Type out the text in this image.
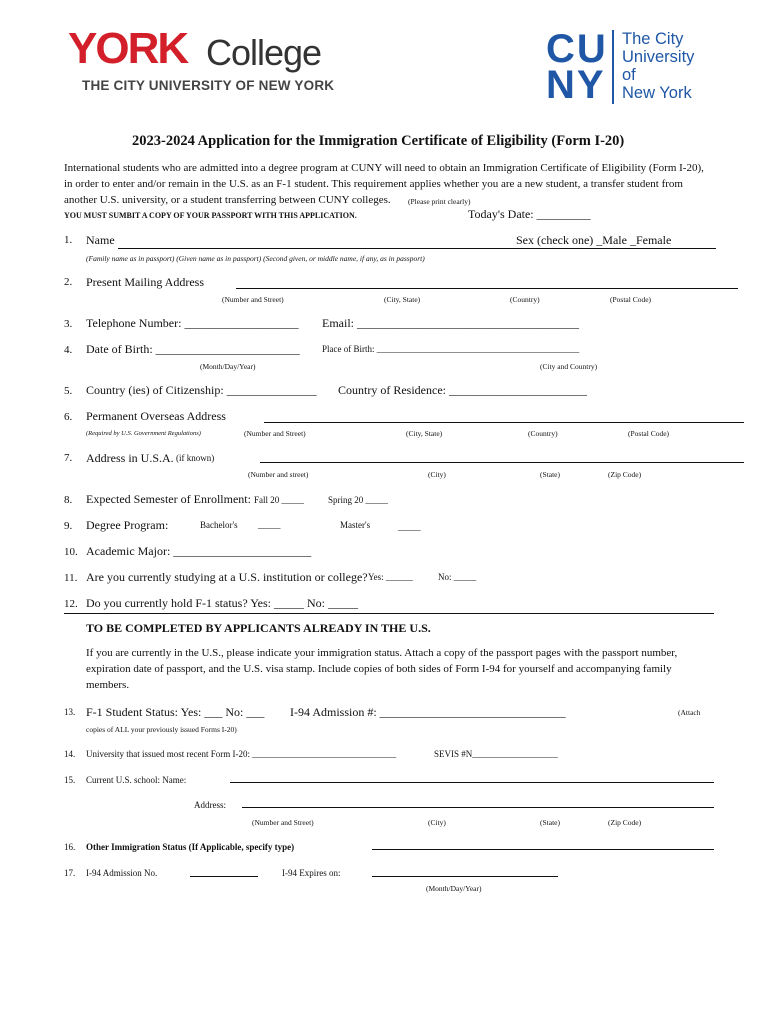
YORK College
THE CITY UNIVERSITY OF NEW YORK
CU
NY
The City
University
of
New York
2023-2024 Application for the Immigration Certificate of Eligibility (Form I-20)
International students who are admitted into a degree program at CUNY will need to obtain an Immigration Certificate of Eligibility (Form I-20),
in order to enter and/or remain in the U.S. as an F-1 student. This requirement applies whether you are a new student, a transfer student from
another U.S. university, or a student transferring between CUNY colleges. (Please print clearly)
YOU MUST SUMBIT A COPY OF YOUR PASSPORT WITH THIS APPLICATION.	Today's Date: _________
1. Name	Sex (check one) _Male _Female
(Family name as in passport) (Given name as in passport) (Second given, or middle name, if any, as in passport)
2. Present Mailing Address
(Number and Street)	(City, State)	(Country)	(Postal Code)
3. Telephone Number: ___________________ Email: _____________________________________
4. Date of Birth: ________________________ Place of Birth: _____________________________________________
(Month/Day/Year)	(City and Country)
5. Country (ies) of Citizenship: _______________ Country of Residence: _______________________
6. Permanent Overseas Address
(Required by U.S. Government Regulations)	(Number and Street)	(City, State)	(Country)	(Postal Code)
7. Address in U.S.A. (if known)
(Number and street)	(City)	(State)	(Zip Code)
8. Expected Semester of Enrollment: Fall 20 _____	Spring 20 _____
9. Degree Program:	Bachelor's _____	Master's	_____
10. Academic Major: _______________________
11. Are you currently studying at a U.S. institution or college? Yes: ______	No: _____
12. Do you currently hold F-1 status? Yes: _____ No: _____
TO BE COMPLETED BY APPLICANTS ALREADY IN THE U.S.
If you are currently in the U.S., please indicate your immigration status. Attach a copy of the passport pages with the passport number,
expiration date of passport, and the U.S. visa stamp. Include copies of both sides of Form I-94 for yourself and accompanying family
members.
13. F-1 Student Status: Yes: ___ No: ___ I-94 Admission #: _______________________________	(Attach
copies of ALL your previously issued Forms I-20)
14. University that issued most recent Form I-20: ________________________________	SEVIS #N___________________
15. Current U.S. school: Name:
Address:
(Number and Street)	(City)	(State)	(Zip Code)
16. Other Immigration Status (If Applicable, specify type)
17. I-94 Admission No.	I-94 Expires on:
(Month/Day/Year)
